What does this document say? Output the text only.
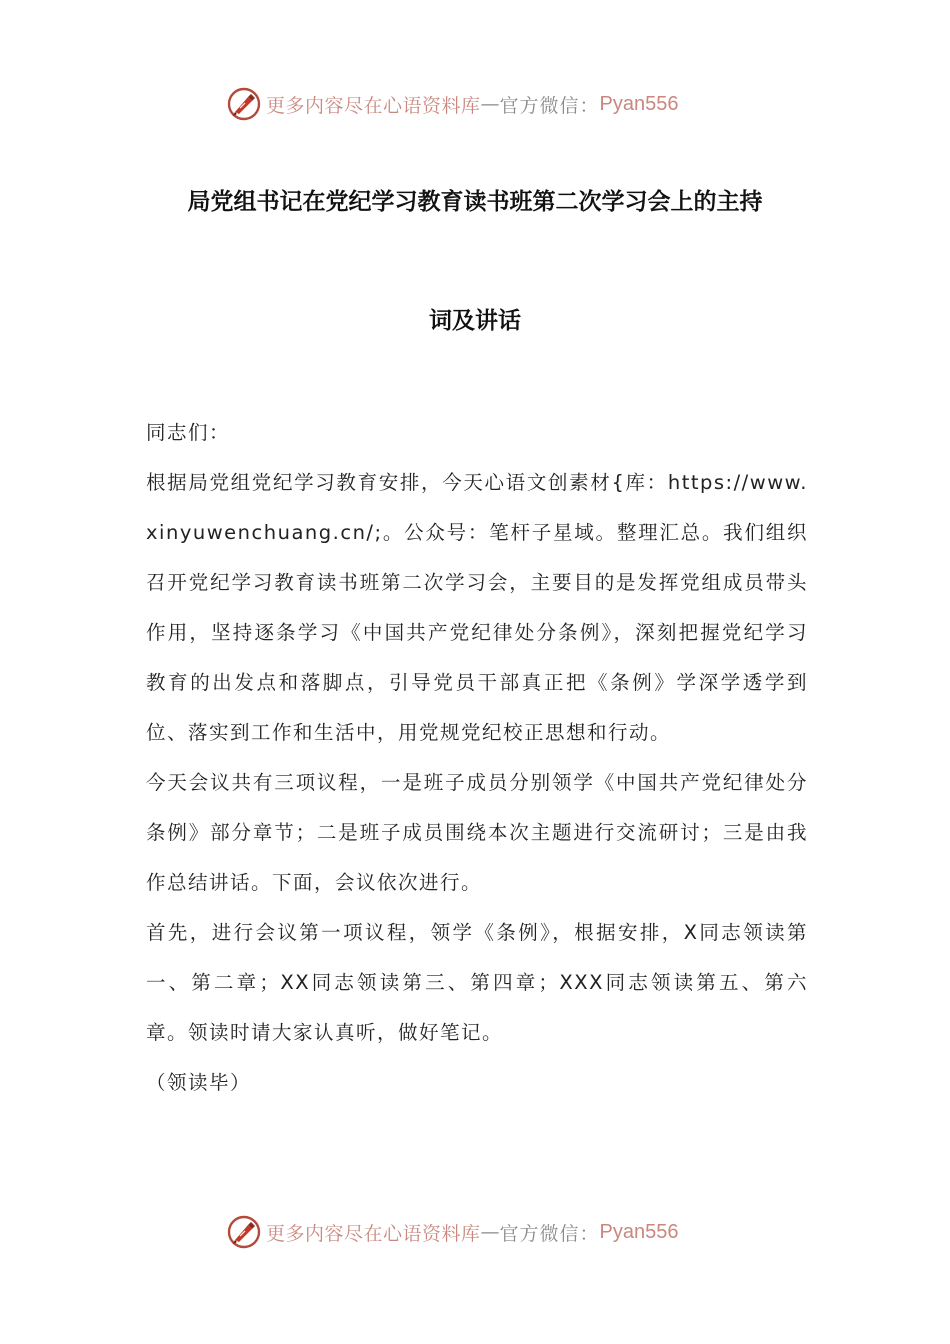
更多内容尽在心语资料库 — 官方微信： Pyan556
局党组书记在党纪学习教育读书班第二次学习会上的主持
词及讲话

同志们：

根据局党组党纪学习教育安排，今天心语文创素材{库：https://www.xinyuwenchuang.cn/;。公众号：笔杆子星域。整理汇总。我们组织召开党纪学习教育读书班第二次学习会，主要目的是发挥党组成员带头作用，坚持逐条学习《中国共产党纪律处分条例》，深刻把握党纪学习教育的出发点和落脚点，引导党员干部真正把《条例》学深学透学到位、落实到工作和生活中，用党规党纪校正思想和行动。

今天会议共有三项议程，一是班子成员分别领学《中国共产党纪律处分条例》部分章节；二是班子成员围绕本次主题进行交流研讨；三是由我作总结讲话。下面，会议依次进行。

首先，进行会议第一项议程，领学《条例》，根据安排，X同志领读第一、第二章；XX同志领读第三、第四章；XXX同志领读第五、第六章。领读时请大家认真听，做好笔记。

（领读毕）

更多内容尽在心语资料库 — 官方微信： Pyan556
